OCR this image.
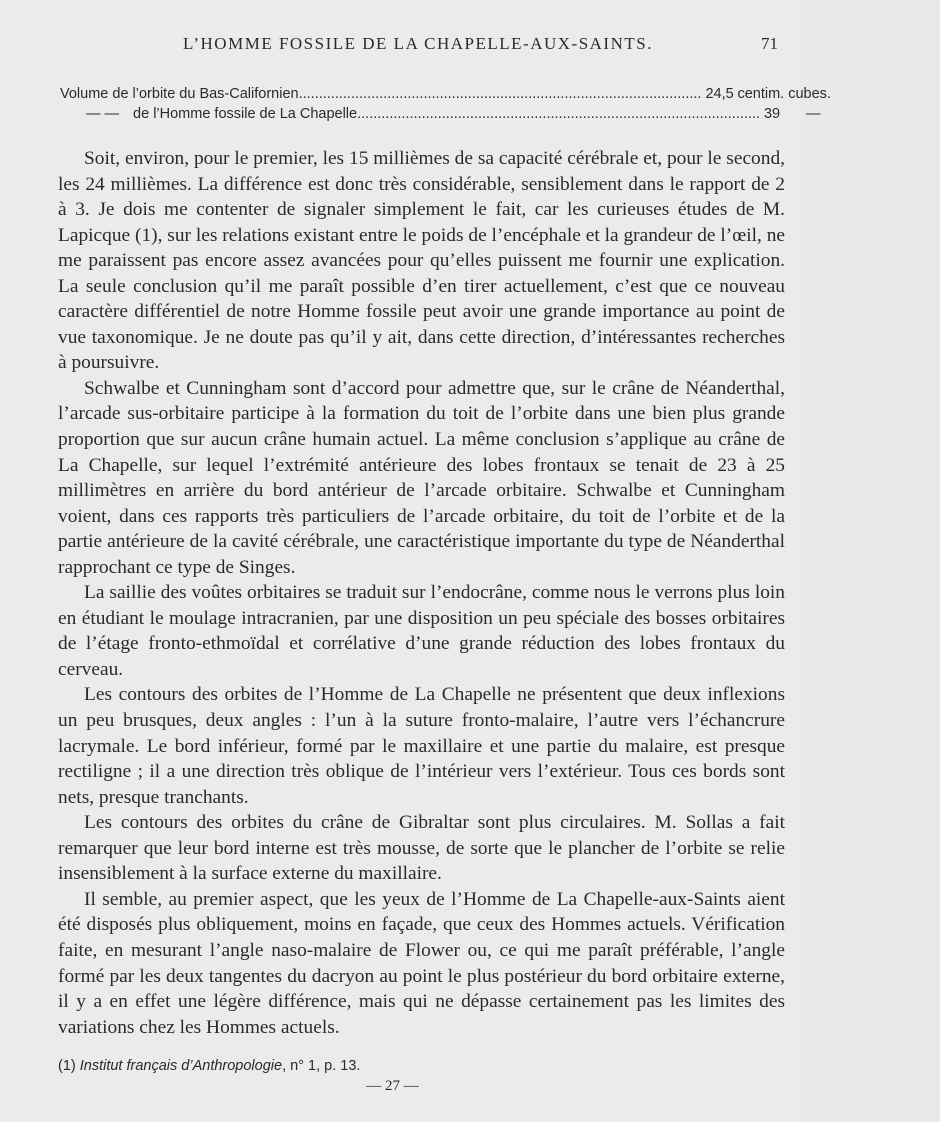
L’HOMME FOSSILE DE LA CHAPELLE-AUX-SAINTS.	71
Volume de l’orbite du Bas-Californien .................................................................................................... 24,5 centim. cubes.
— — de l’Homme fossile de La Chapelle .................................................................................................... 39	—

Soit, environ, pour le premier, les 15 millièmes de sa capacité cérébrale et, pour le second, les 24 millièmes. La différence est donc très considérable, sensiblement dans le rapport de 2 à 3. Je dois me contenter de signaler simplement le fait, car les curieuses études de M. Lapicque (1), sur les relations existant entre le poids de l’encéphale et la grandeur de l’œil, ne me paraissent pas encore assez avancées pour qu’elles puissent me fournir une explication. La seule conclusion qu’il me paraît possible d’en tirer actuellement, c’est que ce nouveau caractère différentiel de notre Homme fossile peut avoir une grande importance au point de vue taxonomique. Je ne doute pas qu’il y ait, dans cette direction, d’intéressantes recherches à poursuivre.

Schwalbe et Cunningham sont d’accord pour admettre que, sur le crâne de Néanderthal, l’arcade sus-orbitaire participe à la formation du toit de l’orbite dans une bien plus grande proportion que sur aucun crâne humain actuel. La même conclusion s’applique au crâne de La Chapelle, sur lequel l’extrémité antérieure des lobes frontaux se tenait de 23 à 25 millimètres en arrière du bord antérieur de l’arcade orbitaire. Schwalbe et Cunningham voient, dans ces rapports très particuliers de l’arcade orbitaire, du toit de l’orbite et de la partie antérieure de la cavité cérébrale, une caractéristique importante du type de Néanderthal rapprochant ce type de Singes.

La saillie des voûtes orbitaires se traduit sur l’endocrâne, comme nous le verrons plus loin en étudiant le moulage intracranien, par une disposition un peu spéciale des bosses orbitaires de l’étage fronto-ethmoïdal et corrélative d’une grande réduction des lobes frontaux du cerveau.

Les contours des orbites de l’Homme de La Chapelle ne présentent que deux inflexions un peu brusques, deux angles : l’un à la suture fronto-malaire, l’autre vers l’échancrure lacrymale. Le bord inférieur, formé par le maxillaire et une partie du malaire, est presque rectiligne ; il a une direction très oblique de l’intérieur vers l’extérieur. Tous ces bords sont nets, presque tranchants.

Les contours des orbites du crâne de Gibraltar sont plus circulaires. M. Sollas a fait remarquer que leur bord interne est très mousse, de sorte que le plancher de l’orbite se relie insensiblement à la surface externe du maxillaire.

Il semble, au premier aspect, que les yeux de l’Homme de La Chapelle-aux-Saints aient été disposés plus obliquement, moins en façade, que ceux des Hommes actuels. Vérification faite, en mesurant l’angle naso-malaire de Flower ou, ce qui me paraît préférable, l’angle formé par les deux tangentes du dacryon au point le plus postérieur du bord orbitaire externe, il y a en effet une légère différence, mais qui ne dépasse certainement pas les limites des variations chez les Hommes actuels.

(1) Institut français d’Anthropologie, n° 1, p. 13.
— 27 —
